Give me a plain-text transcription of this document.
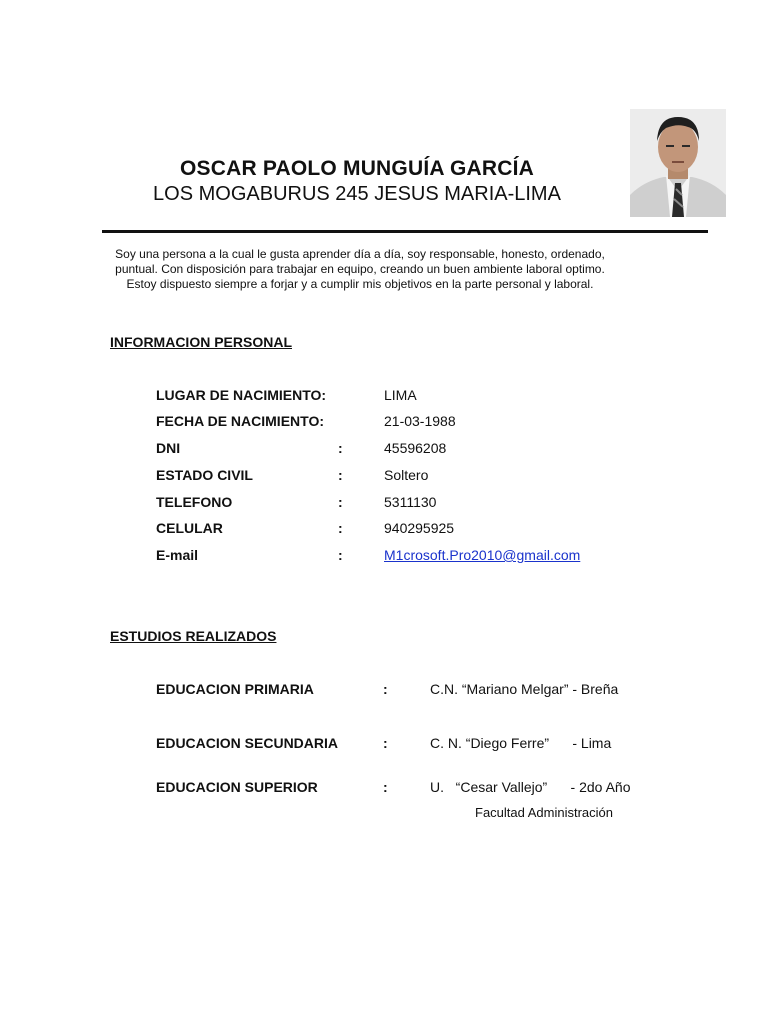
OSCAR PAOLO MUNGUÍA GARCÍA
LOS MOGABURUS 245 JESUS MARIA-LIMA
Soy una persona a la cual le gusta aprender día a día, soy responsable, honesto, ordenado, puntual. Con disposición para trabajar en equipo, creando un buen ambiente laboral optimo. Estoy dispuesto siempre a forjar y a cumplir mis objetivos en la parte personal y laboral.
INFORMACION PERSONAL
LUGAR DE NACIMIENTO:	LIMA
FECHA DE NACIMIENTO:	21-03-1988
DNI	:	45596208
ESTADO CIVIL	:	Soltero
TELEFONO	:	5311130
CELULAR	:	940295925
E-mail	:	M1crosoft.Pro2010@gmail.com
ESTUDIOS REALIZADOS
EDUCACION PRIMARIA	:	C.N. “Mariano Melgar” - Breña
EDUCACION SECUNDARIA	:	C. N. “Diego Ferre”      - Lima
EDUCACION SUPERIOR	:	U.   “Cesar Vallejo”      - 2do Año
Facultad Administración
